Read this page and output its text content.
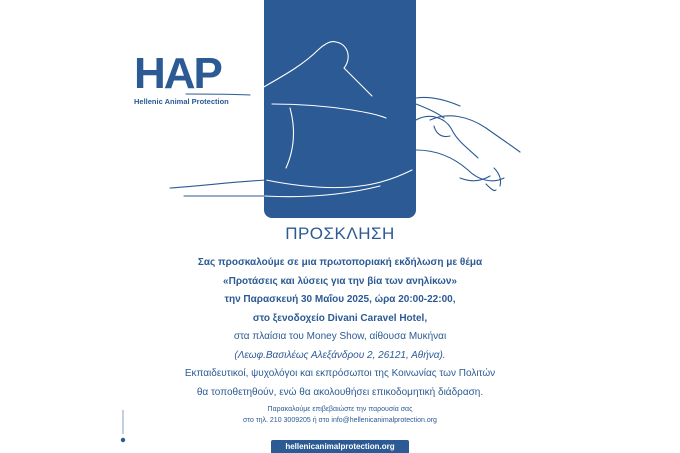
HAP
Hellenic Animal Protection
ΠΡΟΣΚΛΗΣΗ
Σας προσκαλούμε σε μια πρωτοποριακή εκδήλωση με θέμα
«Προτάσεις και λύσεις για την βία των ανηλίκων»
την Παρασκευή 30 Μαΐου 2025, ώρα 20:00-22:00,
στο ξενοδοχείο Divani Caravel Hotel,
στα πλαίσια του Money Show, αίθουσα Μυκήναι
(Λεωφ.Βασιλέως Αλεξάνδρου 2, 26121, Αθήνα).
Εκπαιδευτικοί, ψυχολόγοι και εκπρόσωποι της Κοινωνίας των Πολιτών
θα τοποθετηθούν, ενώ θα ακολουθήσει επικοδομητική διάδραση.
Παρακαλούμε επιβεβαιώστε την παρουσία σας
στο τηλ. 210 3009205 ή στο info@hellenicanimalprotection.org
hellenicanimalprotection.org
